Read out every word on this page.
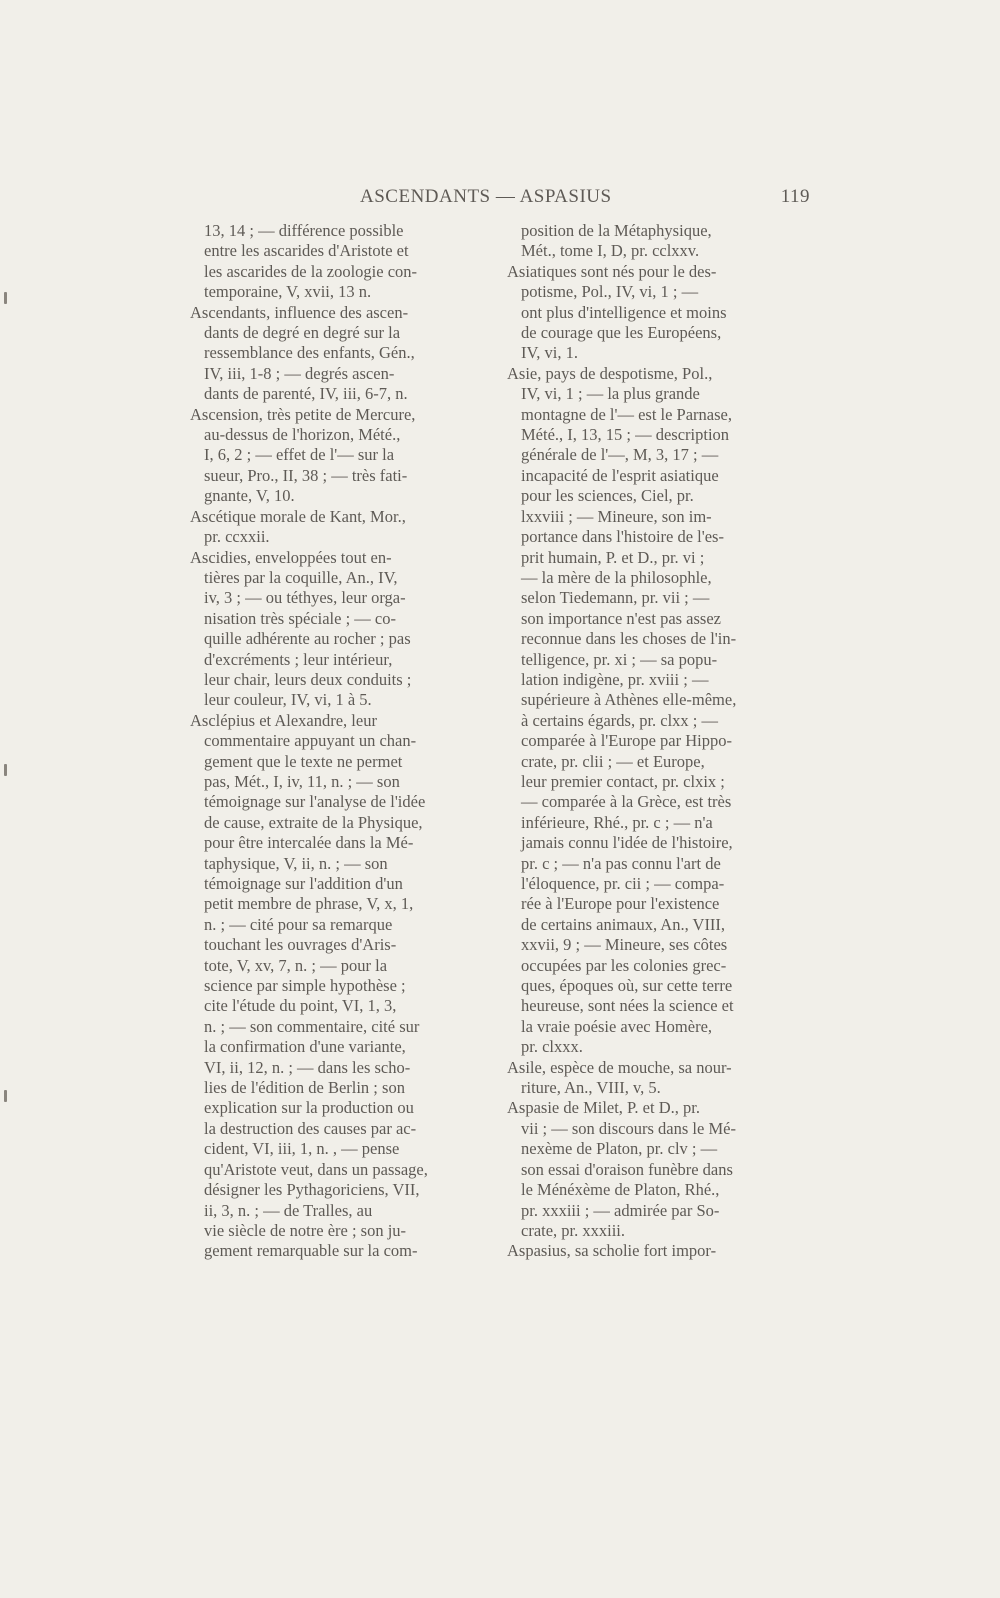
ASCENDANTS — ASPASIUS	119

13, 14 ; — différence possible
entre les ascarides d'Aristote et
les ascarides de la zoologie con-
temporaine, V, xvii, 13 n.

Ascendants, influence des ascen-
dants de degré en degré sur la
ressemblance des enfants, Gén.,
IV, iii, 1-8 ; — degrés ascen-
dants de parenté, IV, iii, 6-7, n.

Ascension, très petite de Mercure,
au-dessus de l'horizon, Mété.,
I, 6, 2 ; — effet de l'— sur la
sueur, Pro., II, 38 ; — très fati-
gnante, V, 10.

Ascétique morale de Kant, Mor.,
pr. ccxxii.

Ascidies, enveloppées tout en-
tières par la coquille, An., IV,
iv, 3 ; — ou téthyes, leur orga-
nisation très spéciale ; — co-
quille adhérente au rocher ; pas
d'excréments ; leur intérieur,
leur chair, leurs deux conduits ;
leur couleur, IV, vi, 1 à 5.

Asclépius et Alexandre, leur
commentaire appuyant un chan-
gement que le texte ne permet
pas, Mét., I, iv, 11, n. ; — son
témoignage sur l'analyse de l'idée
de cause, extraite de la Physique,
pour être intercalée dans la Mé-
taphysique, V, ii, n. ; — son
témoignage sur l'addition d'un
petit membre de phrase, V, x, 1,
n. ; — cité pour sa remarque
touchant les ouvrages d'Aris-
tote, V, xv, 7, n. ; — pour la
science par simple hypothèse ;
cite l'étude du point, VI, 1, 3,
n. ; — son commentaire, cité sur
la confirmation d'une variante,
VI, ii, 12, n. ; — dans les scho-
lies de l'édition de Berlin ; son
explication sur la production ou
la destruction des causes par ac-
cident, VI, iii, 1, n. , — pense
qu'Aristote veut, dans un passage,
désigner les Pythagoriciens, VII,
ii, 3, n. ; — de Tralles, au
vie siècle de notre ère ; son ju-
gement remarquable sur la com-

position de la Métaphysique,
Mét., tome I, D, pr. cclxxv.

Asiatiques sont nés pour le des-
potisme, Pol., IV, vi, 1 ; —
ont plus d'intelligence et moins
de courage que les Européens,
IV, vi, 1.

Asie, pays de despotisme, Pol.,
IV, vi, 1 ; — la plus grande
montagne de l'— est le Parnase,
Mété., I, 13, 15 ; — description
générale de l'—, M, 3, 17 ; —
incapacité de l'esprit asiatique
pour les sciences, Ciel, pr.
lxxviii ; — Mineure, son im-
portance dans l'histoire de l'es-
prit humain, P. et D., pr. vi ;
— la mère de la philosophle,
selon Tiedemann, pr. vii ; —
son importance n'est pas assez
reconnue dans les choses de l'in-
telligence, pr. xi ; — sa popu-
lation indigène, pr. xviii ; —
supérieure à Athènes elle-même,
à certains égards, pr. clxx ; —
comparée à l'Europe par Hippo-
crate, pr. clii ; — et Europe,
leur premier contact, pr. clxix ;
— comparée à la Grèce, est très
inférieure, Rhé., pr. c ; — n'a
jamais connu l'idée de l'histoire,
pr. c ; — n'a pas connu l'art de
l'éloquence, pr. cii ; — compa-
rée à l'Europe pour l'existence
de certains animaux, An., VIII,
xxvii, 9 ; — Mineure, ses côtes
occupées par les colonies grec-
ques, époques où, sur cette terre
heureuse, sont nées la science et
la vraie poésie avec Homère,
pr. clxxx.

Asile, espèce de mouche, sa nour-
riture, An., VIII, v, 5.

Aspasie de Milet, P. et D., pr.
vii ; — son discours dans le Mé-
nexème de Platon, pr. clv ; —
son essai d'oraison funèbre dans
le Ménéxème de Platon, Rhé.,
pr. xxxiii ; — admirée par So-
crate, pr. xxxiii.

Aspasius, sa scholie fort impor-
